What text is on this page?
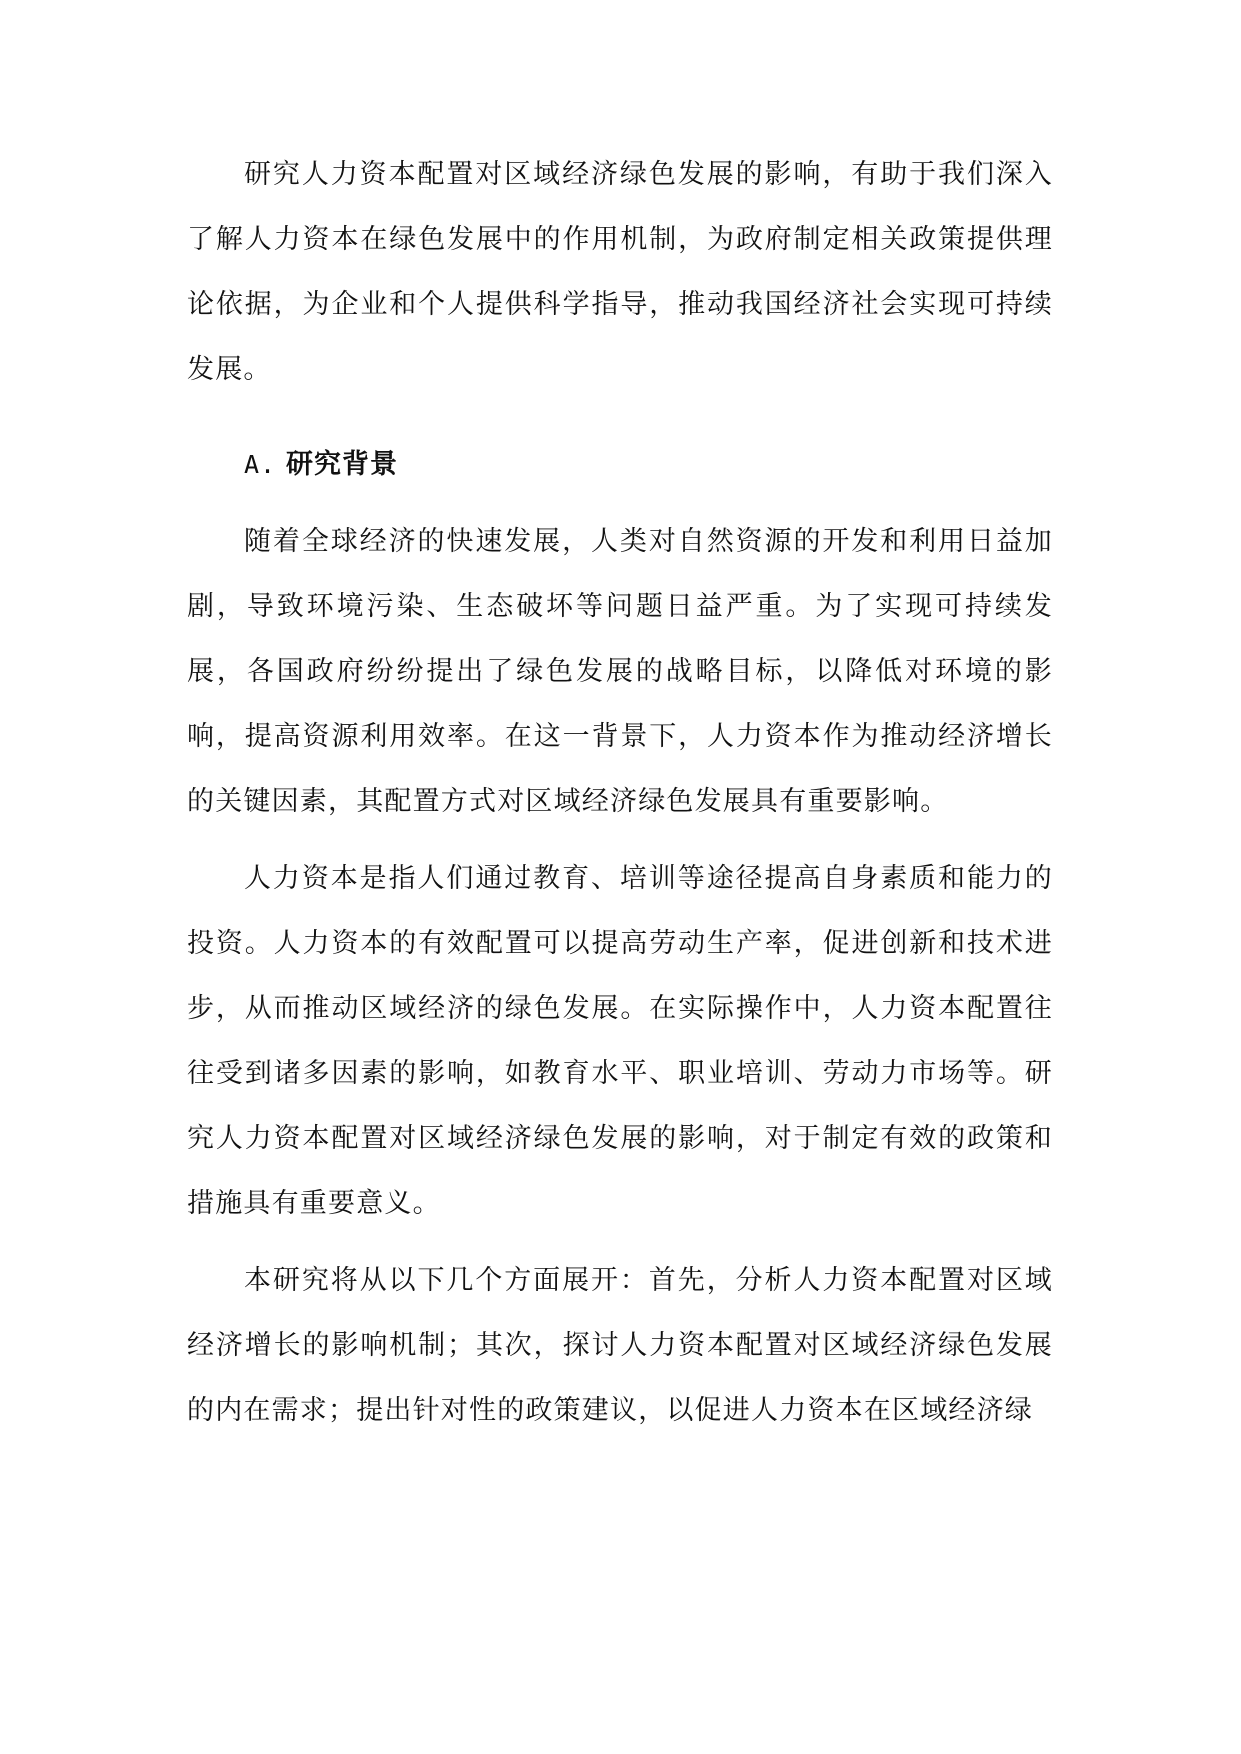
研究人力资本配置对区域经济绿色发展的影响，有助于我们深入了解人力资本在绿色发展中的作用机制，为政府制定相关政策提供理论依据，为企业和个人提供科学指导，推动我国经济社会实现可持续发展。

A. 研究背景

随着全球经济的快速发展，人类对自然资源的开发和利用日益加剧，导致环境污染、生态破坏等问题日益严重。为了实现可持续发展，各国政府纷纷提出了绿色发展的战略目标，以降低对环境的影响，提高资源利用效率。在这一背景下，人力资本作为推动经济增长的关键因素，其配置方式对区域经济绿色发展具有重要影响。

人力资本是指人们通过教育、培训等途径提高自身素质和能力的投资。人力资本的有效配置可以提高劳动生产率，促进创新和技术进步，从而推动区域经济的绿色发展。在实际操作中，人力资本配置往往受到诸多因素的影响，如教育水平、职业培训、劳动力市场等。研究人力资本配置对区域经济绿色发展的影响，对于制定有效的政策和措施具有重要意义。

本研究将从以下几个方面展开：首先，分析人力资本配置对区域经济增长的影响机制；其次，探讨人力资本配置对区域经济绿色发展的内在需求；提出针对性的政策建议，以促进人力资本在区域经济绿
